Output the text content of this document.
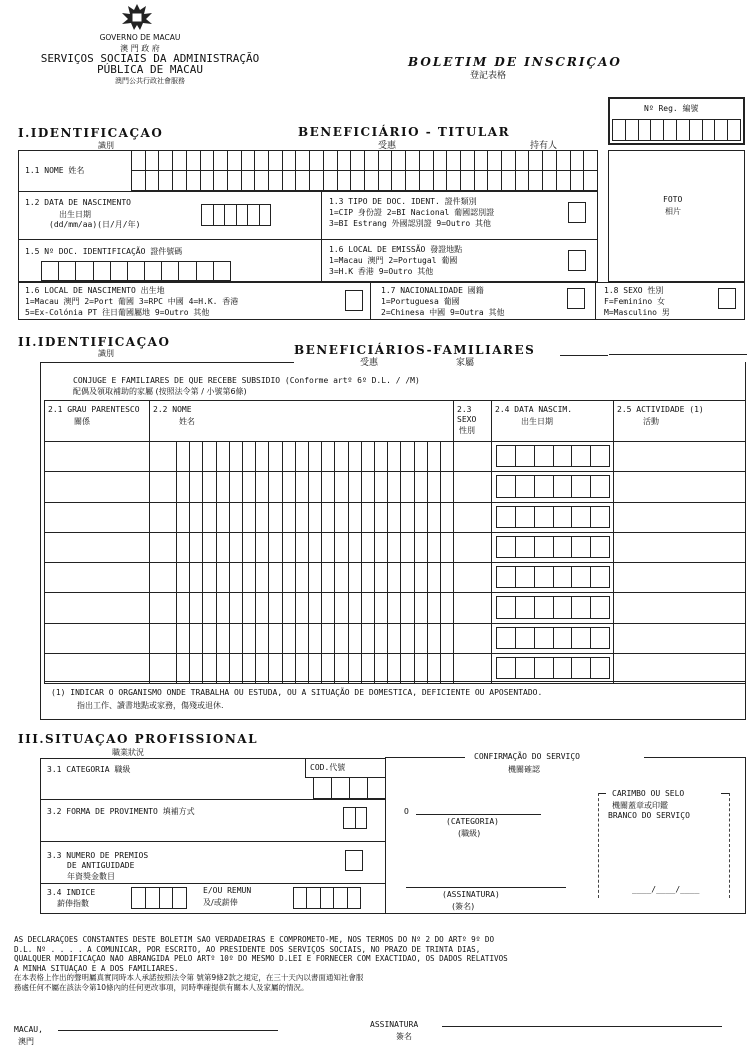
GOVERNO DE MACAU
澳 門 政 府
SERVIÇOS SOCIAIS DA ADMINISTRAÇÃO
PÚBLICA DE MACAU
澳門公共行政社會服務
BOLETIM DE INSCRIÇAO
登記表格
Nº Reg. 編號
I.IDENTIFICAÇAO
識別
BENEFICIÁRIO - TITULAR
受惠	持有人
1.1 NOME 姓名
1.2 DATA DE NASCIMENTO
出生日期
(dd/mm/aa)(日/月/年)
1.3 TIPO DE DOC. IDENT. 證件類別
1=CIP 身份證 2=BI Nacional 葡國認別證
3=BI Estrang 外國認別證 9=Outro 其他
1.5 Nº DOC. IDENTIFICAÇÃO 證件號碼	1.6 LOCAL DE EMISSÃO 發證地點
1=Macau 澳門 2=Portugal 葡國
3=H.K 香港 9=Outro 其他
FOTO
相片
1.6 LOCAL DE NASCIMENTO 出生地
1=Macau 澳門 2=Port 葡國 3=RPC 中國 4=H.K. 香港
5=Ex-Colónia PT 往日葡國屬地 9=Outro 其他
1.7 NACIONALIDADE 國籍
1=Portuguesa 葡國
2=Chinesa 中國 9=Outra 其他
1.8 SEXO 性別
F=Feminino 女
M=Masculino 男
II.IDENTIFICAÇAO
識別	BENEFICIÁRIOS-FAMILIARES
受惠	家屬
CONJUGE E FAMILIARES DE QUE RECEBE SUBSIDIO (Conforme artº 6º D.L. / /M)
配偶及領取補助的家屬 (按照法令第 / 小號第6條)
2.1 GRAU PARENTESCO
關係
2.2 NOME
姓名
2.3 SEXO
性別
2.4 DATA NASCIM.
出生日期
2.5 ACTIVIDADE (1)
活動
(1) INDICAR O ORGANISMO ONDE TRABALHA OU ESTUDA, OU A SITUAÇÃO DE DOMESTICA, DEFICIENTE OU APOSENTADO.
指出工作、讀書地點或家務，傷殘或退休.
III.SITUAÇAO PROFISSIONAL
職業狀況
3.1 CATEGORIA 職級	COD.代號
3.2 FORMA DE PROVIMENTO 填補方式
3.3 NUMERO DE PREMIOS
DE ANTIGUIDADE
年資獎金數目
3.4 INDICE
薪俸指數
E/OU REMUN
及/或薪俸
CONFIRMAÇÃO DO SERVIÇO
機關確認
O
(CATEGORIA)
(職級)
(ASSINATURA)
(簽名)
CARIMBO OU SELO
機關蓋章或印鑑
BRANCO DO SERVIÇO
____/____/____
AS DECLARAÇOES CONSTANTES DESTE BOLETIM SAO VERDADEIRAS E COMPROMETO-ME, NOS TERMOS DO Nº 2 DO ARTº 9º DO
D.L. Nº . . . . A COMUNICAR, POR ESCRITO, AO PRESIDENTE DOS SERVIÇOS SOCIAIS, NO PRAZO DE TRINTA DIAS,
QUALQUER MODIFICAÇAO NAO ABRANGIDA PELO ARTº 10º DO MESMO D.LEI E FORNECER COM EXACTIDAO, OS DADOS RELATIVOS
A MINHA SITUAÇAO E A DOS FAMILIARES.
在本表格上作出的聲明屬真實同時本人承諾按照法令第 號第9條2款之規定，在三十天內以書面通知社會服
務處任何不屬在該法令第10條內的任何更改事項，同時準確提供有關本人及家屬的情況。
MACAU,
澳門
ASSINATURA
簽名
